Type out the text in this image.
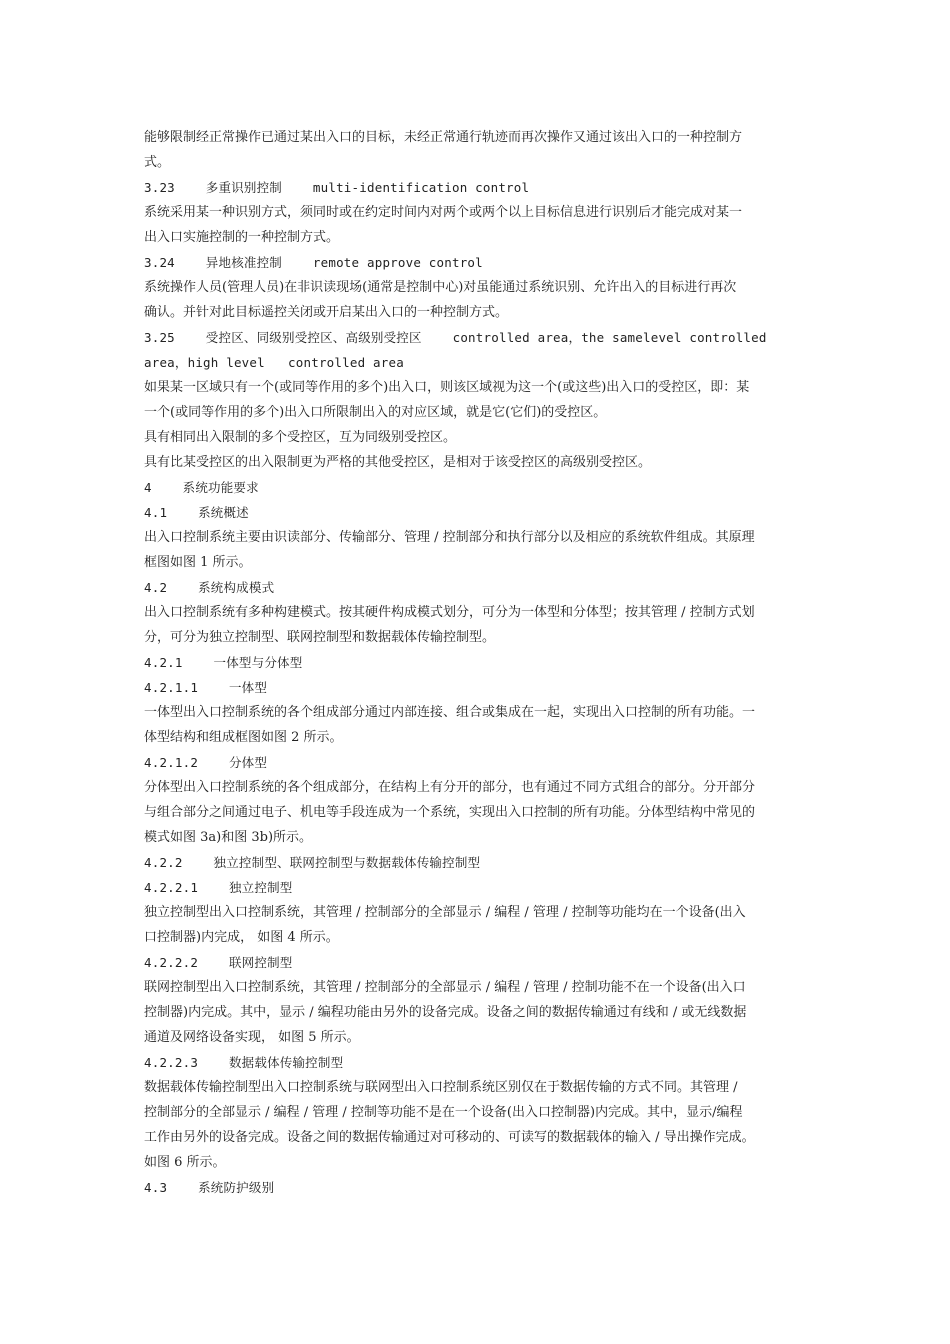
能够限制经正常操作已通过某出入口的目标，未经正常通行轨迹而再次操作又通过该出入口的一种控制方
式。
3.23    多重识别控制    multi-identification control
系统采用某一种识别方式，须同时或在约定时间内对两个或两个以上目标信息进行识别后才能完成对某一
出入口实施控制的一种控制方式。
3.24    异地核准控制    remote approve control
系统操作人员(管理人员)在非识读现场(通常是控制中心)对虽能通过系统识别、允许出入的目标进行再次
确认。并针对此目标遥控关闭或开启某出入口的一种控制方式。
3.25    受控区、同级别受控区、高级别受控区    controlled area，the samelevel controlled
area，high level   controlled area
如果某一区域只有一个(或同等作用的多个)出入口，则该区域视为这一个(或这些)出入口的受控区，即：某
一个(或同等作用的多个)出入口所限制出入的对应区域，就是它(它们)的受控区。
具有相同出入限制的多个受控区，互为同级别受控区。
具有比某受控区的出入限制更为严格的其他受控区，是相对于该受控区的高级别受控区。
4    系统功能要求
4.1    系统概述
出入口控制系统主要由识读部分、传输部分、管理 / 控制部分和执行部分以及相应的系统软件组成。其原理
框图如图 1 所示。
4.2    系统构成模式
出入口控制系统有多种构建模式。按其硬件构成模式划分，可分为一体型和分体型；按其管理 / 控制方式划
分，可分为独立控制型、联网控制型和数据载体传输控制型。
4.2.1    一体型与分体型
4.2.1.1    一体型
一体型出入口控制系统的各个组成部分通过内部连接、组合或集成在一起，实现出入口控制的所有功能。一
体型结构和组成框图如图 2 所示。
4.2.1.2    分体型
分体型出入口控制系统的各个组成部分，在结构上有分开的部分，也有通过不同方式组合的部分。分开部分
与组合部分之间通过电子、机电等手段连成为一个系统，实现出入口控制的所有功能。分体型结构中常见的
模式如图 3a)和图 3b)所示。
4.2.2    独立控制型、联网控制型与数据载体传输控制型
4.2.2.1    独立控制型
独立控制型出入口控制系统，其管理 / 控制部分的全部显示 / 编程 / 管理 / 控制等功能均在一个设备(出入
口控制器)内完成， 如图 4 所示。
4.2.2.2    联网控制型
联网控制型出入口控制系统，其管理 / 控制部分的全部显示 / 编程 / 管理 / 控制功能不在一个设备(出入口
控制器)内完成。其中，显示 / 编程功能由另外的设备完成。设备之间的数据传输通过有线和 / 或无线数据
通道及网络设备实现， 如图 5 所示。
4.2.2.3    数据载体传输控制型
数据载体传输控制型出入口控制系统与联网型出入口控制系统区别仅在于数据传输的方式不同。其管理 /
控制部分的全部显示 / 编程 / 管理 / 控制等功能不是在一个设备(出入口控制器)内完成。其中，显示/编程
工作由另外的设备完成。设备之间的数据传输通过对可移动的、可读写的数据载体的输入 / 导出操作完成。
如图 6 所示。
4.3    系统防护级别
